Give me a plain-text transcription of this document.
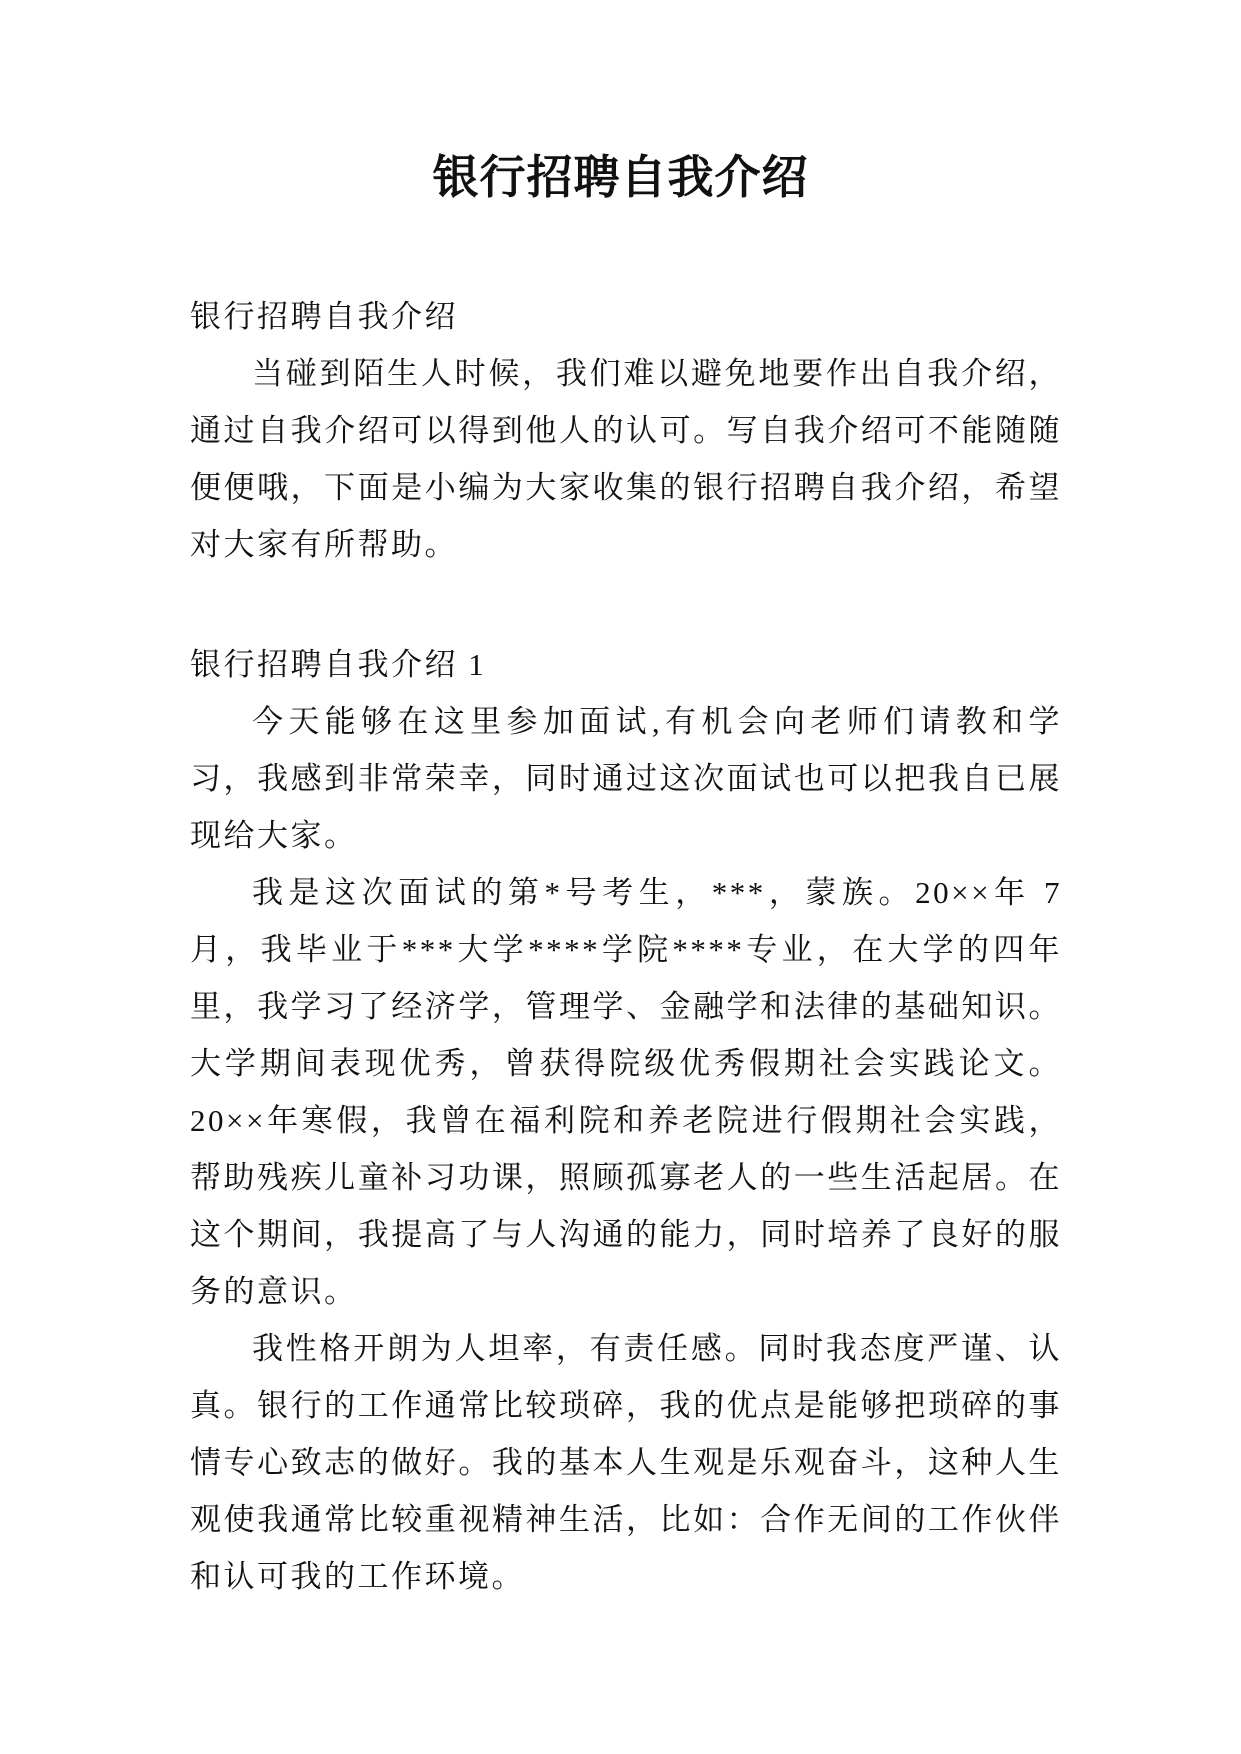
银行招聘自我介绍

银行招聘自我介绍

当碰到陌生人时候，我们难以避免地要作出自我介绍，通过自我介绍可以得到他人的认可。写自我介绍可不能随随便便哦，下面是小编为大家收集的银行招聘自我介绍，希望对大家有所帮助。

银行招聘自我介绍 1

今天能够在这里参加面试,有机会向老师们请教和学习，我感到非常荣幸，同时通过这次面试也可以把我自已展现给大家。

我是这次面试的第*号考生，***，蒙族。20××年 7 月，我毕业于***大学****学院****专业，在大学的四年里，我学习了经济学，管理学、金融学和法律的基础知识。大学期间表现优秀，曾获得院级优秀假期社会实践论文。20××年寒假，我曾在福利院和养老院进行假期社会实践，帮助残疾儿童补习功课，照顾孤寡老人的一些生活起居。在这个期间，我提高了与人沟通的能力，同时培养了良好的服务的意识。

我性格开朗为人坦率，有责任感。同时我态度严谨、认真。银行的工作通常比较琐碎，我的优点是能够把琐碎的事情专心致志的做好。我的基本人生观是乐观奋斗，这种人生观使我通常比较重视精神生活，比如：合作无间的工作伙伴和认可我的工作环境。
